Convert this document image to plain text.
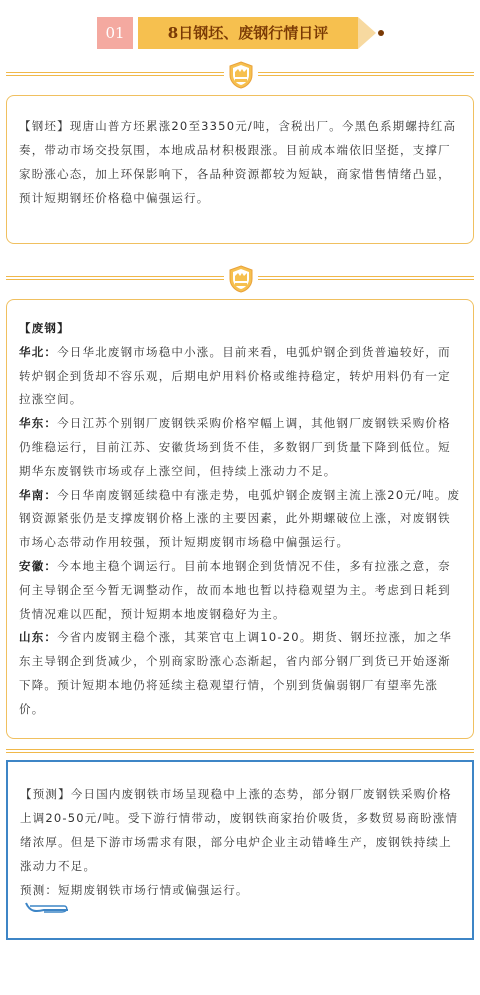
01	8日钢坯、废钢行情日评

【钢坯】现唐山普方坯累涨20至3350元/吨，含税出厂。今黑色系期螺持红高奏，带动市场交投氛围，本地成品材积极跟涨。目前成本端依旧坚挺，支撑厂家盼涨心态，加上环保影响下，各品种资源都较为短缺，商家惜售情绪凸显，预计短期钢坯价格稳中偏强运行。

【废钢】

华北：今日华北废钢市场稳中小涨。目前来看，电弧炉钢企到货普遍较好，而转炉钢企到货却不容乐观，后期电炉用料价格或维持稳定，转炉用料仍有一定拉涨空间。

华东：今日江苏个别钢厂废钢铁采购价格窄幅上调，其他钢厂废钢铁采购价格仍维稳运行，目前江苏、安徽货场到货不佳，多数钢厂到货量下降到低位。短期华东废钢铁市场或存上涨空间，但持续上涨动力不足。

华南：今日华南废钢延续稳中有涨走势，电弧炉钢企废钢主流上涨20元/吨。废钢资源紧张仍是支撑废钢价格上涨的主要因素，此外期螺破位上涨，对废钢铁市场心态带动作用较强，预计短期废钢市场稳中偏强运行。

安徽：今本地主稳个调运行。目前本地钢企到货情况不佳，多有拉涨之意，奈何主导钢企至今暂无调整动作，故而本地也暂以持稳观望为主。考虑到日耗到货情况难以匹配，预计短期本地废钢稳好为主。

山东：今省内废钢主稳个涨，其莱官屯上调10-20。期货、钢坯拉涨，加之华东主导钢企到货减少，个别商家盼涨心态渐起，省内部分钢厂到货已开始逐渐下降。预计短期本地仍将延续主稳观望行情，个别到货偏弱钢厂有望率先涨价。

【预测】今日国内废钢铁市场呈现稳中上涨的态势，部分钢厂废钢铁采购价格上调20-50元/吨。受下游行情带动，废钢铁商家抬价吸货，多数贸易商盼涨情绪浓厚。但是下游市场需求有限，部分电炉企业主动错峰生产，废钢铁持续上涨动力不足。

预测：短期废钢铁市场行情或偏强运行。
